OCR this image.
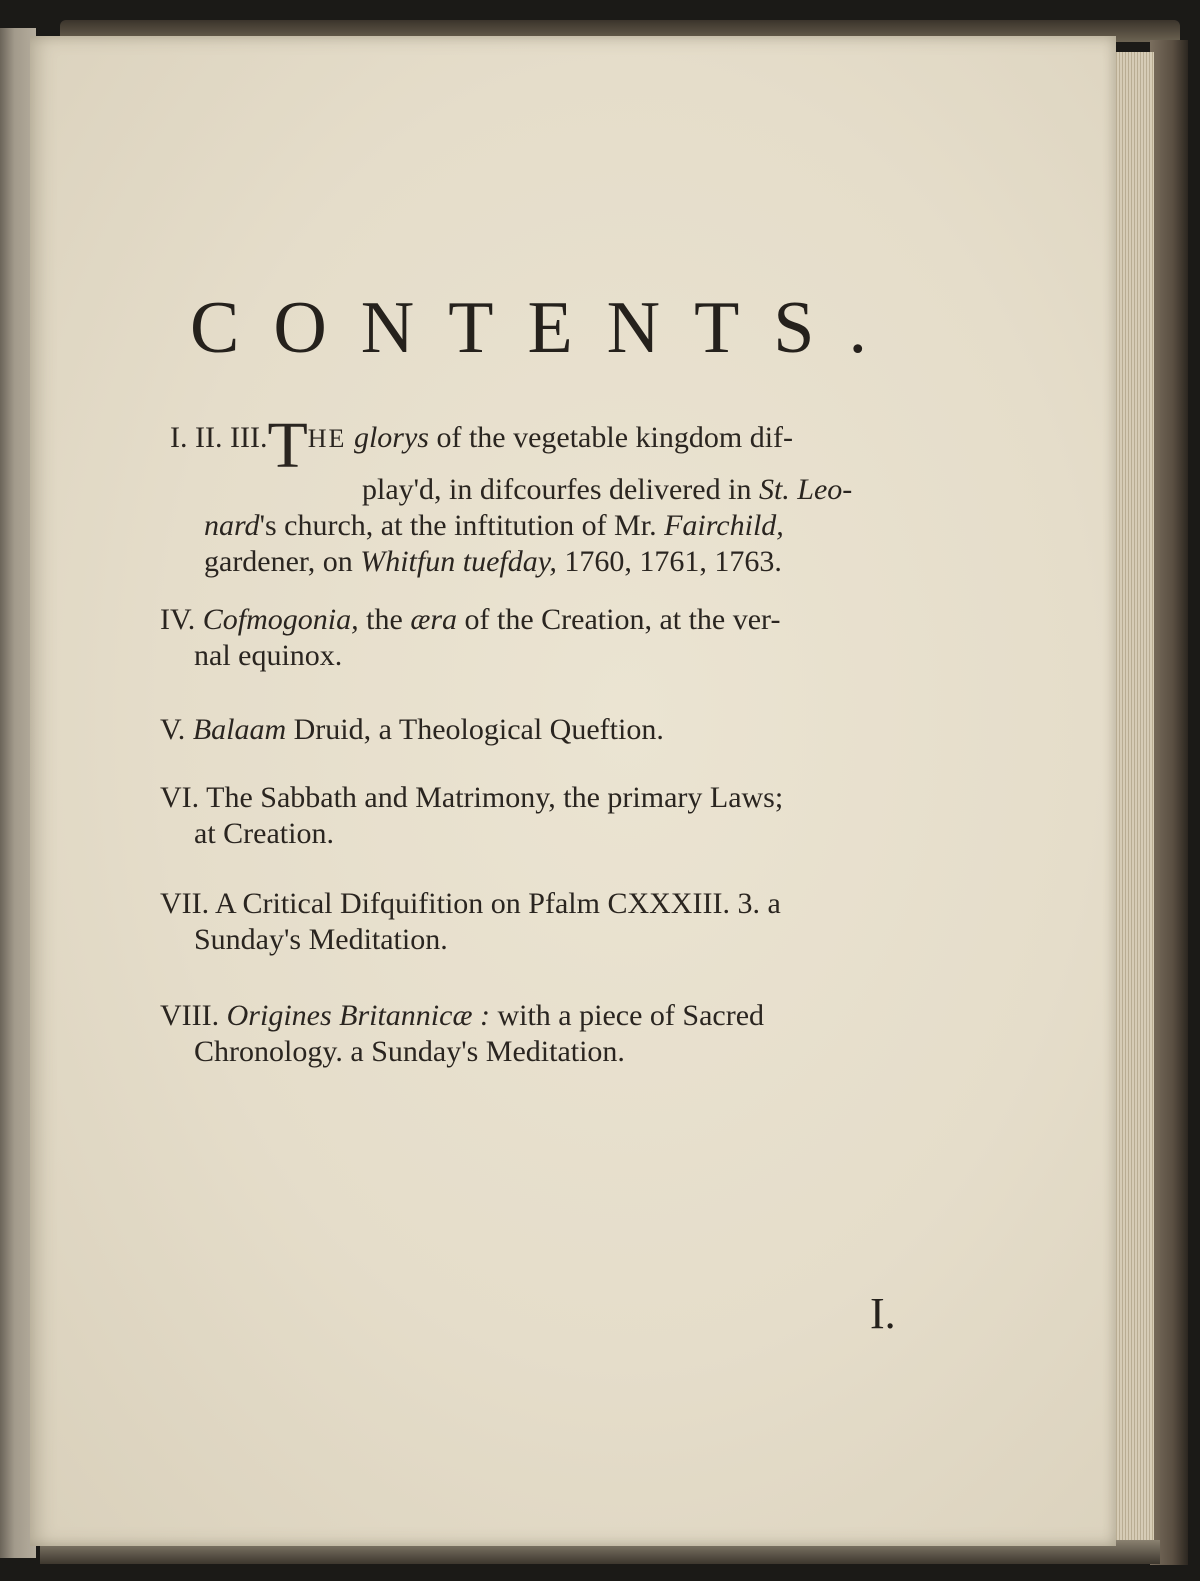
CONTENTS.

I. II. III.THE glorys of the vegetable kingdom dif-

play'd, in difcourfes delivered in St. Leo-

nard's church, at the inftitution of Mr. Fairchild,

gardener, on Whitfun tuefday, 1760, 1761, 1763.

IV. Cofmogonia, the æra of the Creation, at the ver-

nal equinox.

V. Balaam Druid, a Theological Queftion.

VI. The Sabbath and Matrimony, the primary Laws;

at Creation.

VII. A Critical Difquifition on Pfalm CXXXIII. 3. a

Sunday's Meditation.

VIII. Origines Britannicæ : with a piece of Sacred

Chronology. a Sunday's Meditation.

I.
